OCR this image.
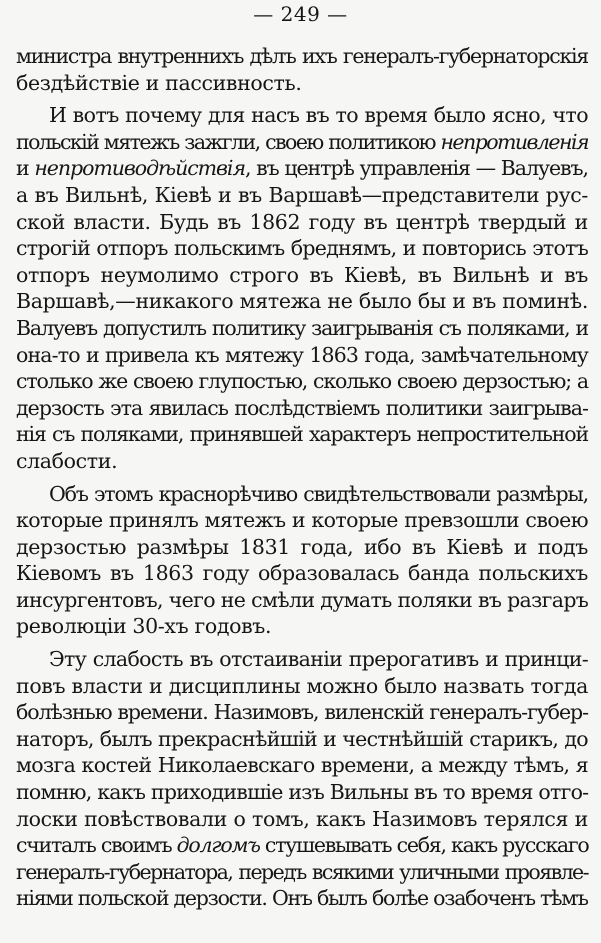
— 249 —
министра внутреннихъ дѣлъ ихъ генералъ-губернаторскія
бездѣйствіе и пассивность.
И вотъ почему для насъ въ то время было ясно, что
польскій мятежъ зажгли, своею политикою непротивленія
и непротиводѣйствія, въ центрѣ управленія — Валуевъ,
а въ Вильнѣ, Кіевѣ и въ Варшавѣ—представители рус-
ской власти. Будь въ 1862 году въ центрѣ твердый и
строгій отпоръ польскимъ бреднямъ, и повторись этотъ
отпоръ неумолимо строго въ Кіевѣ, въ Вильнѣ и въ
Варшавѣ,—никакого мятежа не было бы и въ поминѣ.
Валуевъ допустилъ политику заигрыванія съ поляками, и
она-то и привела къ мятежу 1863 года, замѣчательному
столько же своею глупостью, сколько своею дерзостью; а
дерзость эта явилась послѣдствіемъ политики заигрыва-
нія съ поляками, принявшей характеръ непростительной
слабости.
Объ этомъ краснорѣчиво свидѣтельствовали размѣры,
которые принялъ мятежъ и которые превзошли своею
дерзостью размѣры 1831 года, ибо въ Кіевѣ и подъ
Кіевомъ въ 1863 году образовалась банда польскихъ
инсургентовъ, чего не смѣли думать поляки въ разгаръ
революціи 30-хъ годовъ.
Эту слабость въ отстаиваніи прерогативъ и принци-
повъ власти и дисциплины можно было назвать тогда
болѣзнью времени. Назимовъ, виленскій генералъ-губер-
наторъ, былъ прекраснѣйшій и честнѣйшій старикъ, до
мозга костей Николаевскаго времени, а между тѣмъ, я
помню, какъ приходившіе изъ Вильны въ то время отго-
лоски повѣствовали о томъ, какъ Назимовъ терялся и
считалъ своимъ долгомъ стушевывать себя, какъ русскаго
генералъ-губернатора, передъ всякими уличными проявле-
ніями польской дерзости. Онъ былъ болѣе озабоченъ тѣмъ
